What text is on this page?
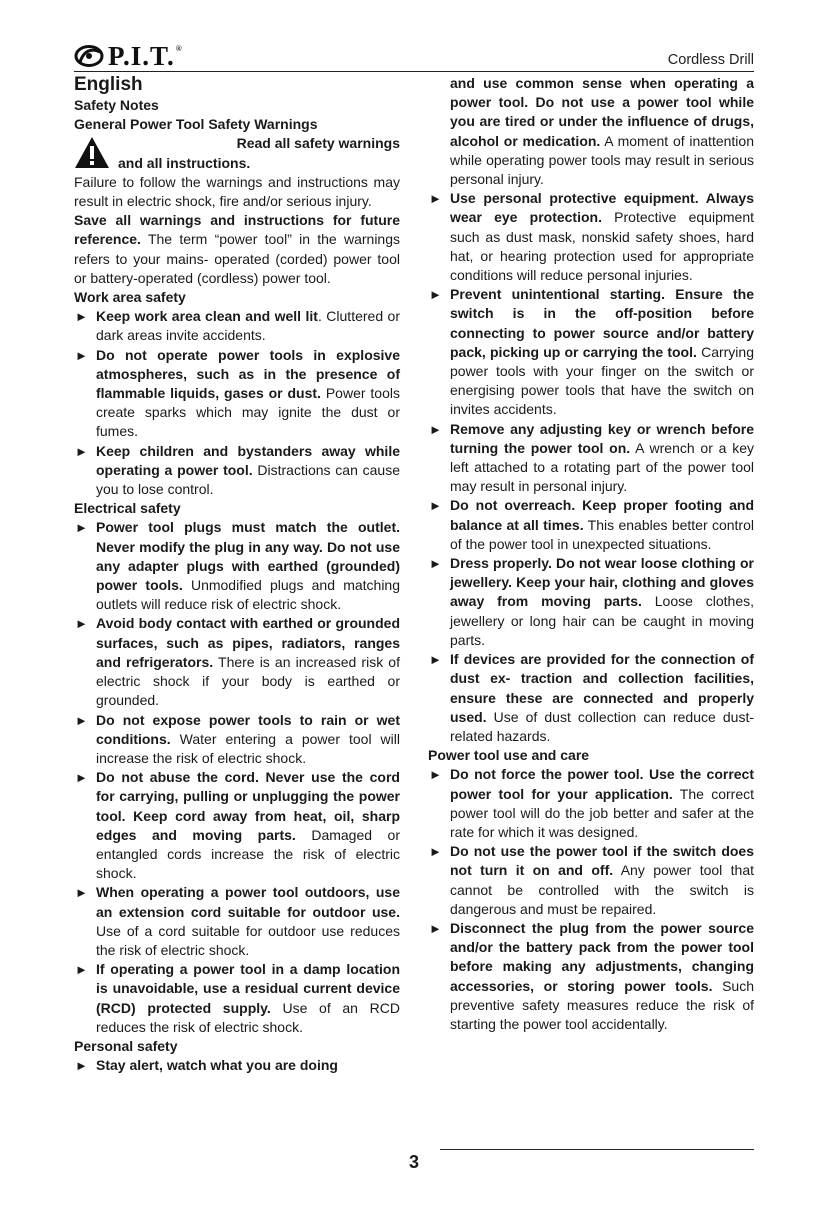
P.I.T. ®
Cordless Drill

English

Safety Notes

General Power Tool Safety Warnings

Read all safety warnings
and all instructions.

Failure to follow the warnings and instructions may result in electric shock, fire and/or serious injury.

Save all warnings and instructions for future reference. The term “power tool” in the warnings refers to your mains- operated (corded) power tool or battery-operated (cordless) power tool.

Work area safety

► Keep work area clean and well lit. Cluttered or dark areas invite accidents.

► Do not operate power tools in explosive atmospheres, such as in the presence of flammable liquids, gases or dust. Power tools create sparks which may ignite the dust or fumes.

► Keep children and bystanders away while operating a power tool. Distractions can cause you to lose control.

Electrical safety

► Power tool plugs must match the outlet. Never modify the plug in any way. Do not use any adapter plugs with earthed (grounded) power tools. Unmodified plugs and matching outlets will reduce risk of electric shock.

► Avoid body contact with earthed or grounded surfaces, such as pipes, radiators, ranges and refrigerators. There is an increased risk of electric shock if your body is earthed or grounded.

► Do not expose power tools to rain or wet conditions. Water entering a power tool will increase the risk of electric shock.

► Do not abuse the cord. Never use the cord for carrying, pulling or unplugging the power tool. Keep cord away from heat, oil, sharp edges and moving parts. Damaged or entangled cords increase the risk of electric shock.

► When operating a power tool outdoors, use an extension cord suitable for outdoor use. Use of a cord suitable for outdoor use reduces the risk of electric shock.

► If operating a power tool in a damp location is unavoidable, use a residual current device (RCD) protected supply. Use of an RCD reduces the risk of electric shock.

Personal safety

► Stay alert, watch what you are doing

and use common sense when operating a power tool. Do not use a power tool while you are tired or under the influence of drugs, alcohol or medication. A moment of inattention while operating power tools may result in serious personal injury.

► Use personal protective equipment. Always wear eye protection. Protective equipment such as dust mask, nonskid safety shoes, hard hat, or hearing protection used for appropriate conditions will reduce personal injuries.

► Prevent unintentional starting. Ensure the switch is in the off-position before connecting to power source and/or battery pack, picking up or carrying the tool. Carrying power tools with your finger on the switch or energising power tools that have the switch on invites accidents.

► Remove any adjusting key or wrench before turning the power tool on. A wrench or a key left attached to a rotating part of the power tool may result in personal injury.

► Do not overreach. Keep proper footing and balance at all times. This enables better control of the power tool in unexpected situations.

► Dress properly. Do not wear loose clothing or jewellery. Keep your hair, clothing and gloves away from moving parts. Loose clothes, jewellery or long hair can be caught in moving parts.

► If devices are provided for the connection of dust ex- traction and collection facilities, ensure these are connected and properly used. Use of dust collection can reduce dust-related hazards.

Power tool use and care

► Do not force the power tool. Use the correct power tool for your application. The correct power tool will do the job better and safer at the rate for which it was designed.

► Do not use the power tool if the switch does not turn it on and off. Any power tool that cannot be controlled with the switch is dangerous and must be repaired.

► Disconnect the plug from the power source and/or the battery pack from the power tool before making any adjustments, changing accessories, or storing power tools. Such preventive safety measures reduce the risk of starting the power tool accidentally.

3
